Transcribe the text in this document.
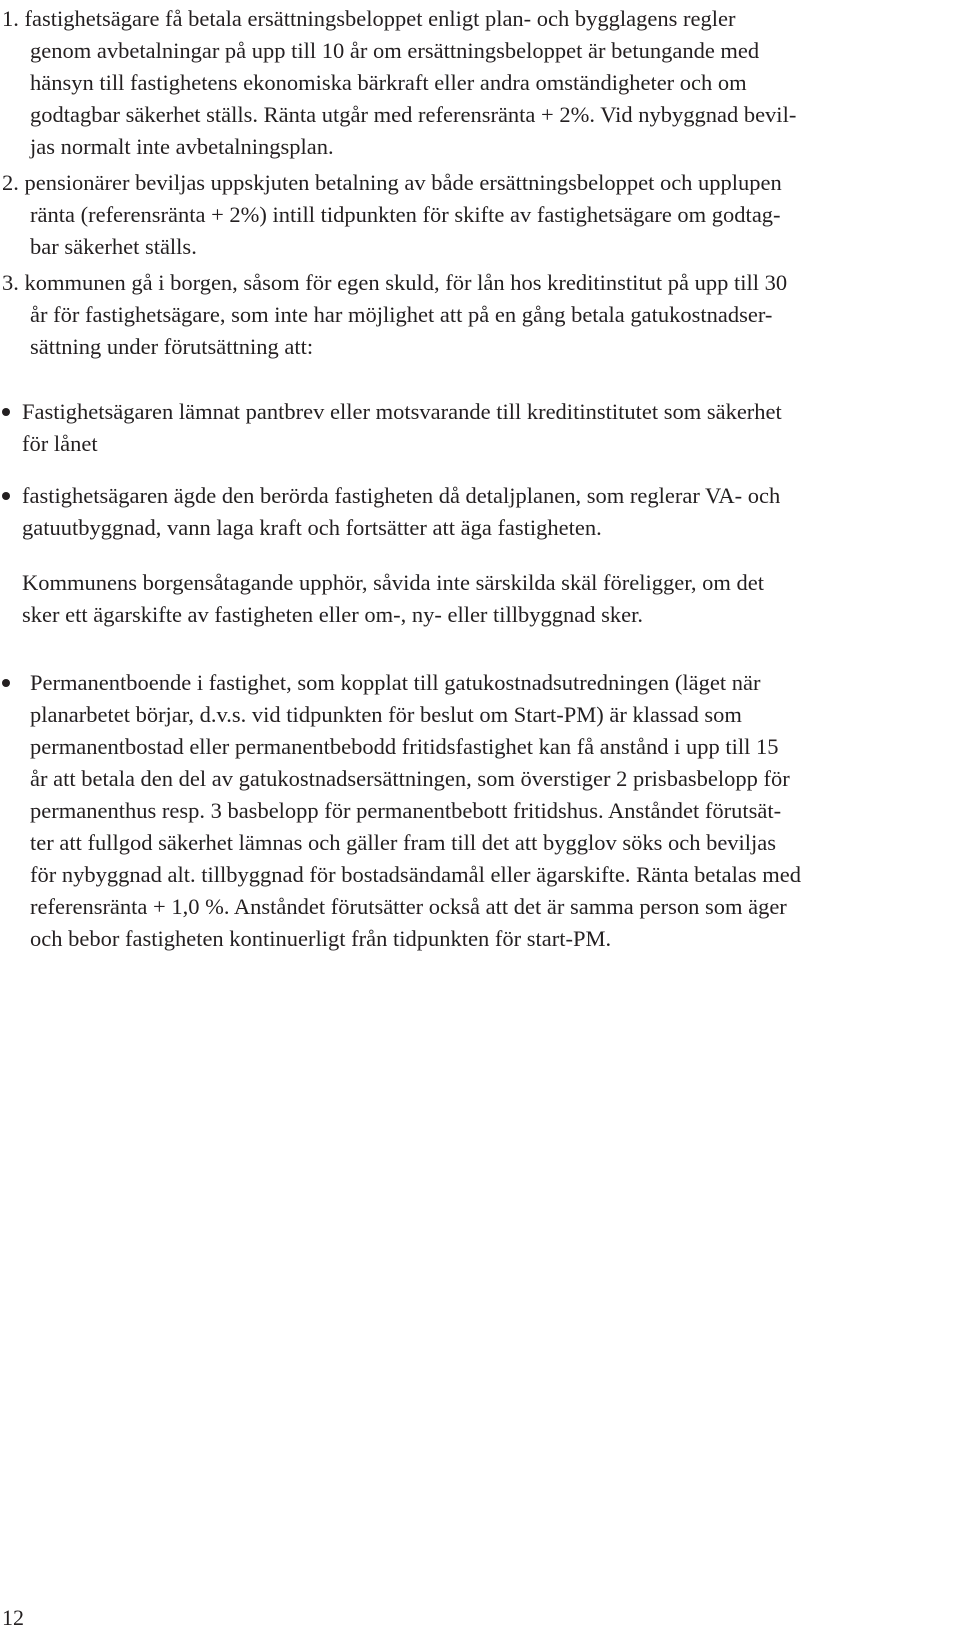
1. fastighetsägare få betala ersättningsbeloppet enligt plan- och bygglagens regler
genom avbetalningar på upp till 10 år om ersättningsbeloppet är betungande med
hänsyn till fastighetens ekonomiska bärkraft eller andra omständigheter och om
godtagbar säkerhet ställs. Ränta utgår med referensränta + 2%. Vid nybyggnad bevil-
jas normalt inte avbetalningsplan.
2. pensionärer beviljas uppskjuten betalning av både ersättningsbeloppet och upplupen
ränta (referensränta + 2%) intill tidpunkten för skifte av fastighetsägare om godtag-
bar säkerhet ställs.
3. kommunen gå i borgen, såsom för egen skuld, för lån hos kreditinstitut på upp till 30
år för fastighetsägare, som inte har möjlighet att på en gång betala gatukostnadser-
sättning under förutsättning att:
Fastighetsägaren lämnat pantbrev eller motsvarande till kreditinstitutet som säkerhet
för lånet
fastighetsägaren ägde den berörda fastigheten då detaljplanen, som reglerar VA- och
gatuutbyggnad, vann laga kraft och fortsätter att äga fastigheten.
Kommunens borgensåtagande upphör, såvida inte särskilda skäl föreligger, om det
sker ett ägarskifte av fastigheten eller om-, ny- eller tillbyggnad sker.
Permanentboende i fastighet, som kopplat till gatukostnadsutredningen (läget när
planarbetet börjar, d.v.s. vid tidpunkten för beslut om Start-PM) är klassad som
permanentbostad eller permanentbebodd fritidsfastighet kan få anstånd i upp till 15
år att betala den del av gatukostnadsersättningen, som överstiger 2 prisbasbelopp för
permanenthus resp. 3 basbelopp för permanentbebott fritidshus. Anståndet förutsät-
ter att fullgod säkerhet lämnas och gäller fram till det att bygglov söks och beviljas
för nybyggnad alt. tillbyggnad för bostadsändamål eller ägarskifte. Ränta betalas med
referensränta + 1,0 %. Anståndet förutsätter också att det är samma person som äger
och bebor fastigheten kontinuerligt från tidpunkten för start-PM.
12
